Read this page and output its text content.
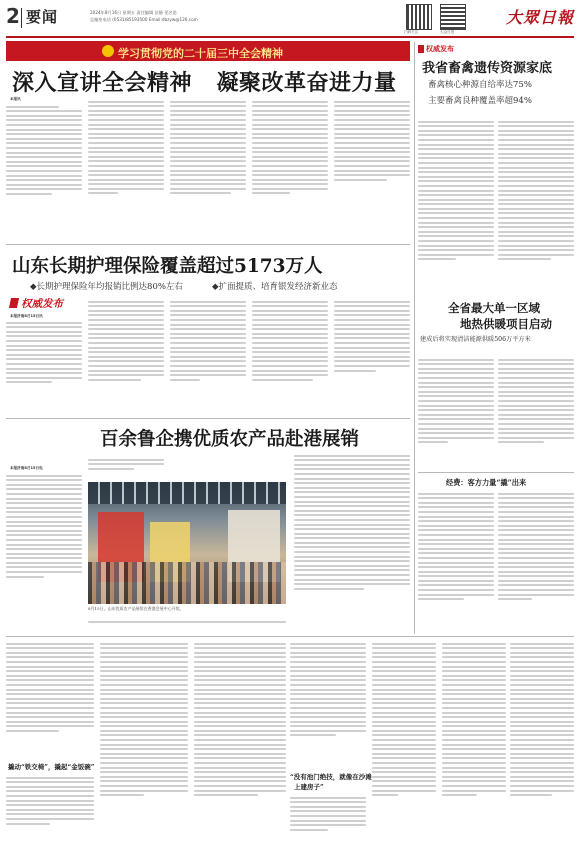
2 要闻	2024年8月16日 星期五 责任编辑 法静 见名思
总编室电话 (0531)85193500 Email:dbzyw@126.com
扫码关注	大众日报
大眾日報
学习贯彻党的二十届三中全会精神
深入宣讲全会精神   凝聚改革奋进力量
本报讯
山东长期护理保险覆盖超过5173万人
◆长期护理保险年均报销比例达80%左右	◆扩面提质、培育银发经济新业态
权威发布
本报济南8月15日讯
百余鲁企携优质农产品赴港展销
本报济南8月15日电
8月15日，山东优质农产品展馆在香港会展中心开馆。
权威发布
我省畜禽遗传资源家底
畜禽核心种源自给率达75%
主要畜禽良种覆盖率超94%
全省最大单一区域
地热供暖项目启动
建成后将实现清洁能源供暖506万平方米
经费：客方力量“撬”出来
撬动“铁交椅”，撬起“金饭碗”
“没有池门绝技，就像在沙滩
上建房子”
